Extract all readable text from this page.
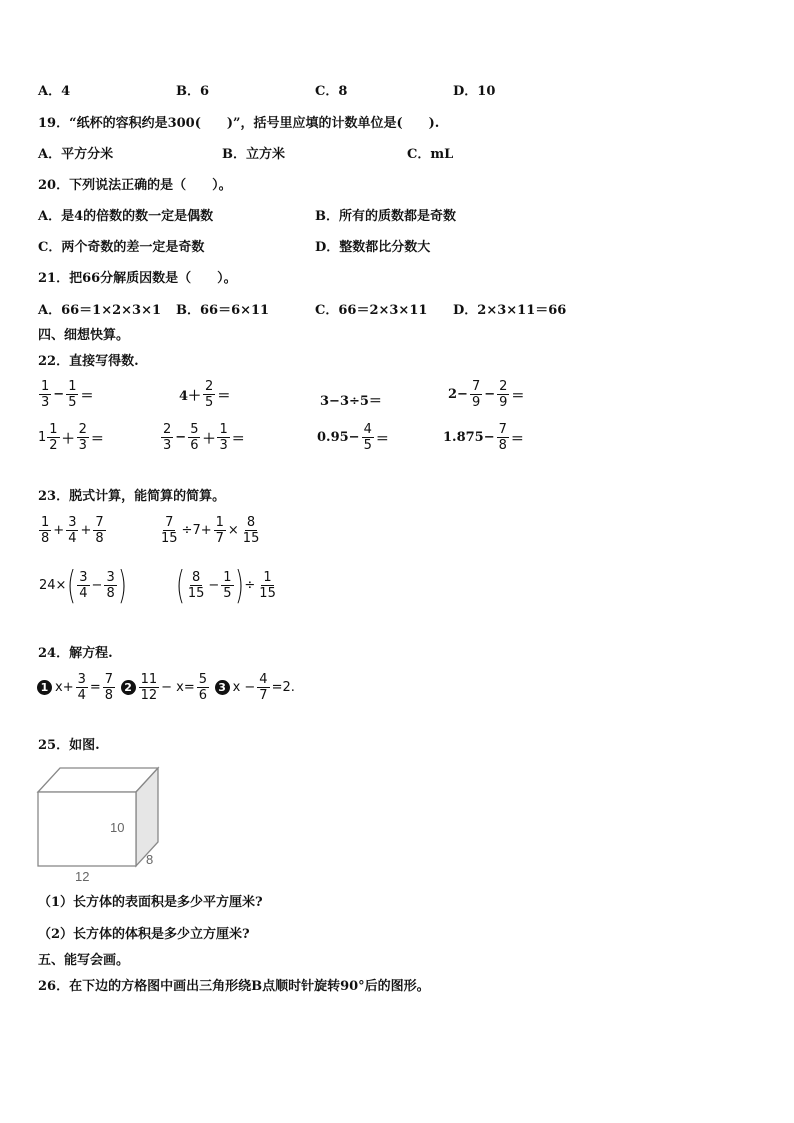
A．4	B．6	C．8	D．10
19．“纸杯的容积约是300(　　)”，括号里应填的计数单位是(　　).
A．平方分米	B．立方米	C．mL
20．下列说法正确的是（　　）。
A．是4的倍数的数一定是偶数	B．所有的质数都是奇数
C．两个奇数的差一定是奇数	D．整数都比分数大
21．把66分解质因数是（　　）。
A．66＝1×2×3×1 B．66＝6×11	C．66＝2×3×11 D．2×3×11＝66
四、细想快算。
22．直接写得数.
$\frac{1}{3} - \frac{1}{5}$ ＝	$4+ \frac{2}{5}$ ＝	3−3÷5＝	$2- \frac{7}{9} - \frac{2}{9}$ ＝
$1 \frac{1}{2} + \frac{2}{3}$ ＝	$\frac{2}{3} - \frac{5}{6} + \frac{1}{3}$ ＝	$0.95- \frac{4}{5}$ ＝	$1.875- \frac{7}{8}$ ＝
23．脱式计算，能简算的简算。
$\frac{1}{8} + \frac{3}{4} + \frac{7}{8}$	$\frac{7}{15} \div 7+ \frac{1}{7} \times \frac{8}{15}$
$24\times( \frac{3}{4} - \frac{3}{8}$ ) ( $\frac{8}{15} - \frac{1}{5}$ )÷ $\frac{1}{15}$
24．解方程.
1 $x+ \frac{3}{4} = \frac{7}{8} 2 \frac{11}{12} - x= \frac{5}{6} 3$ $x - \frac{4}{7} =2$.
25．如图.
10
12
8
（1）长方体的表面积是多少平方厘米?
（2）长方体的体积是多少立方厘米?
五、能写会画。
26．在下边的方格图中画出三角形绕B点顺时针旋转90°后的图形。
